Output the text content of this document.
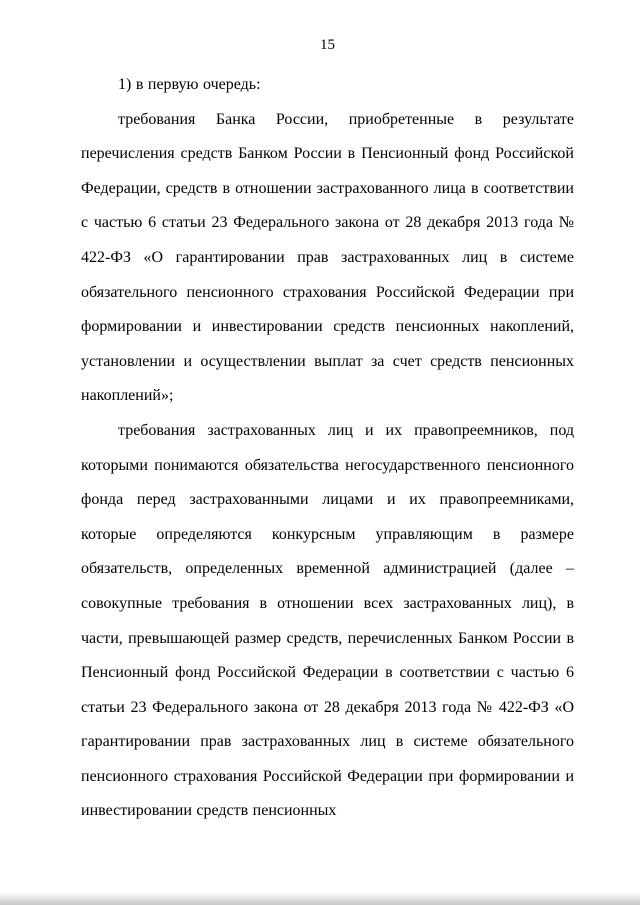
15

1) в первую очередь:

требования Банка России, приобретенные в результате перечисления средств Банком России в Пенсионный фонд Российской Федерации, средств в отношении застрахованного лица в соответствии с частью 6 статьи 23 Федерального закона от 28 декабря 2013 года № 422-ФЗ «О гарантировании прав застрахованных лиц в системе обязательного пенсионного страхования Российской Федерации при формировании и инвестировании средств пенсионных накоплений, установлении и осуществлении выплат за счет средств пенсионных накоплений»;

требования застрахованных лиц и их правопреемников, под которыми понимаются обязательства негосударственного пенсионного фонда перед застрахованными лицами и их правопреемниками, которые определяются конкурсным управляющим в размере обязательств, определенных временной администрацией (далее – совокупные требования в отношении всех застрахованных лиц), в части, превышающей размер средств, перечисленных Банком России в Пенсионный фонд Российской Федерации в соответствии с частью 6 статьи 23 Федерального закона от 28 декабря 2013 года № 422-ФЗ «О гарантировании прав застрахованных лиц в системе обязательного пенсионного страхования Российской Федерации при формировании и инвестировании средств пенсионных
